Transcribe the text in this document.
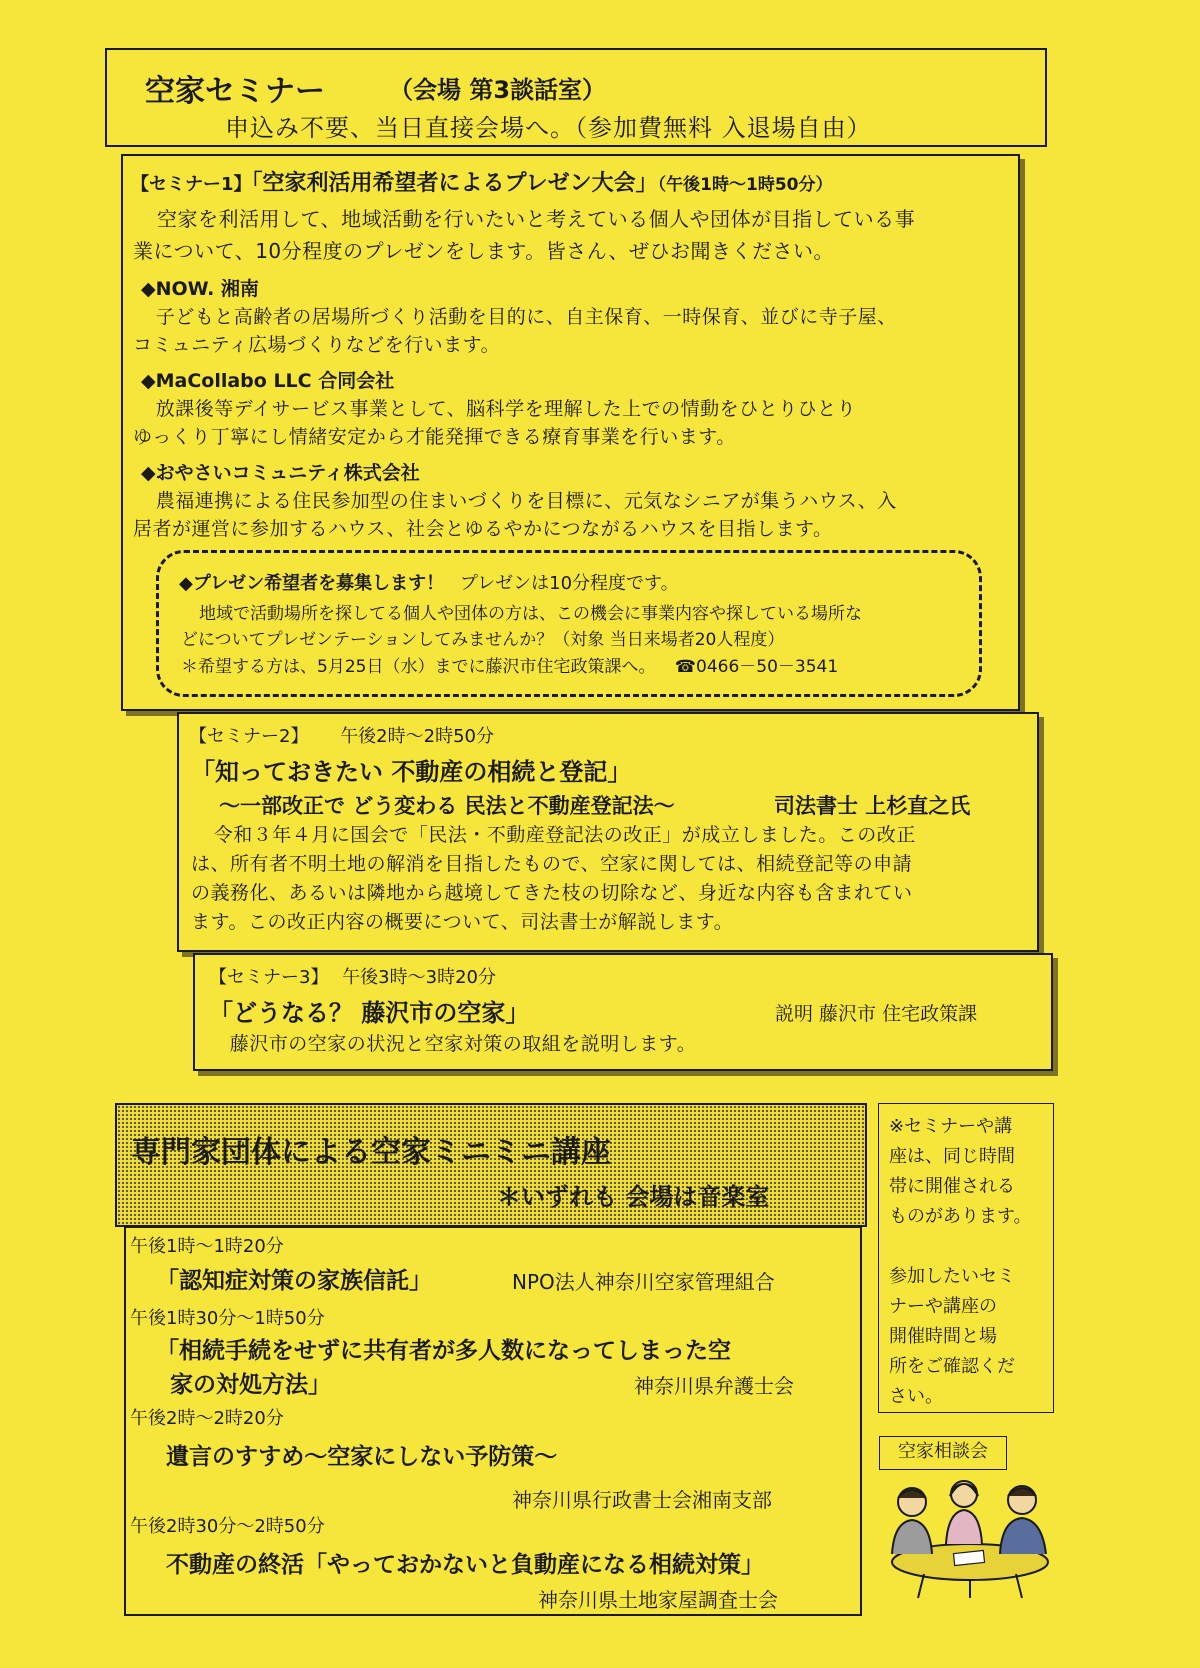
空家セミナー	（会場 第3談話室）
申込み不要、当日直接会場へ。（参加費無料 入退場自由）
【セミナー1】「空家利活用希望者によるプレゼン大会」（午後1時～1時50分）
空家を利活用して、地域活動を行いたいと考えている個人や団体が目指している事
業について、10分程度のプレゼンをします。皆さん、ぜひお聞きください。
◆NOW. 湘南
子どもと高齢者の居場所づくり活動を目的に、自主保育、一時保育、並びに寺子屋、
コミュニティ広場づくりなどを行います。
◆MaCollabo LLC 合同会社
放課後等デイサービス事業として、脳科学を理解した上での情動をひとりひとり
ゆっくり丁寧にし情緒安定から才能発揮できる療育事業を行います。
◆おやさいコミュニティ株式会社
農福連携による住民参加型の住まいづくりを目標に、元気なシニアが集うハウス、入
居者が運営に参加するハウス、社会とゆるやかにつながるハウスを目指します。
◆プレゼン希望者を募集します！ プレゼンは10分程度です。
地域で活動場所を探してる個人や団体の方は、この機会に事業内容や探している場所な
どについてプレゼンテーションしてみませんか？（対象 当日来場者20人程度）
＊希望する方は、5月25日（水）までに藤沢市住宅政策課へ。 ☎0466－50－3541
【セミナー2】 午後2時～2時50分
「知っておきたい 不動産の相続と登記」
～一部改正で どう変わる 民法と不動産登記法～	司法書士 上杉直之氏
令和３年４月に国会で「民法・不動産登記法の改正」が成立しました。この改正
は、所有者不明土地の解消を目指したもので、空家に関しては、相続登記等の申請
の義務化、あるいは隣地から越境してきた枝の切除など、身近な内容も含まれてい
ます。この改正内容の概要について、司法書士が解説します。
【セミナー3】 午後3時～3時20分
「どうなる？ 藤沢市の空家」	説明 藤沢市 住宅政策課
藤沢市の空家の状況と空家対策の取組を説明します。
専門家団体による空家ミニミニ講座
＊いずれも 会場は音楽室
午後1時～1時20分
「認知症対策の家族信託」	NPO法人神奈川空家管理組合
午後1時30分～1時50分
「相続手続をせずに共有者が多人数になってしまった空
家の対処方法」	神奈川県弁護士会
午後2時～2時20分
遺言のすすめ～空家にしない予防策～
神奈川県行政書士会湘南支部
午後2時30分～2時50分
不動産の終活「やっておかないと負動産になる相続対策」
神奈川県土地家屋調査士会
※セミナーや講
座は、同じ時間
帯に開催される
ものがあります。
参加したいセミ
ナーや講座の
開催時間と場
所をご確認くだ
さい。
空家相談会
